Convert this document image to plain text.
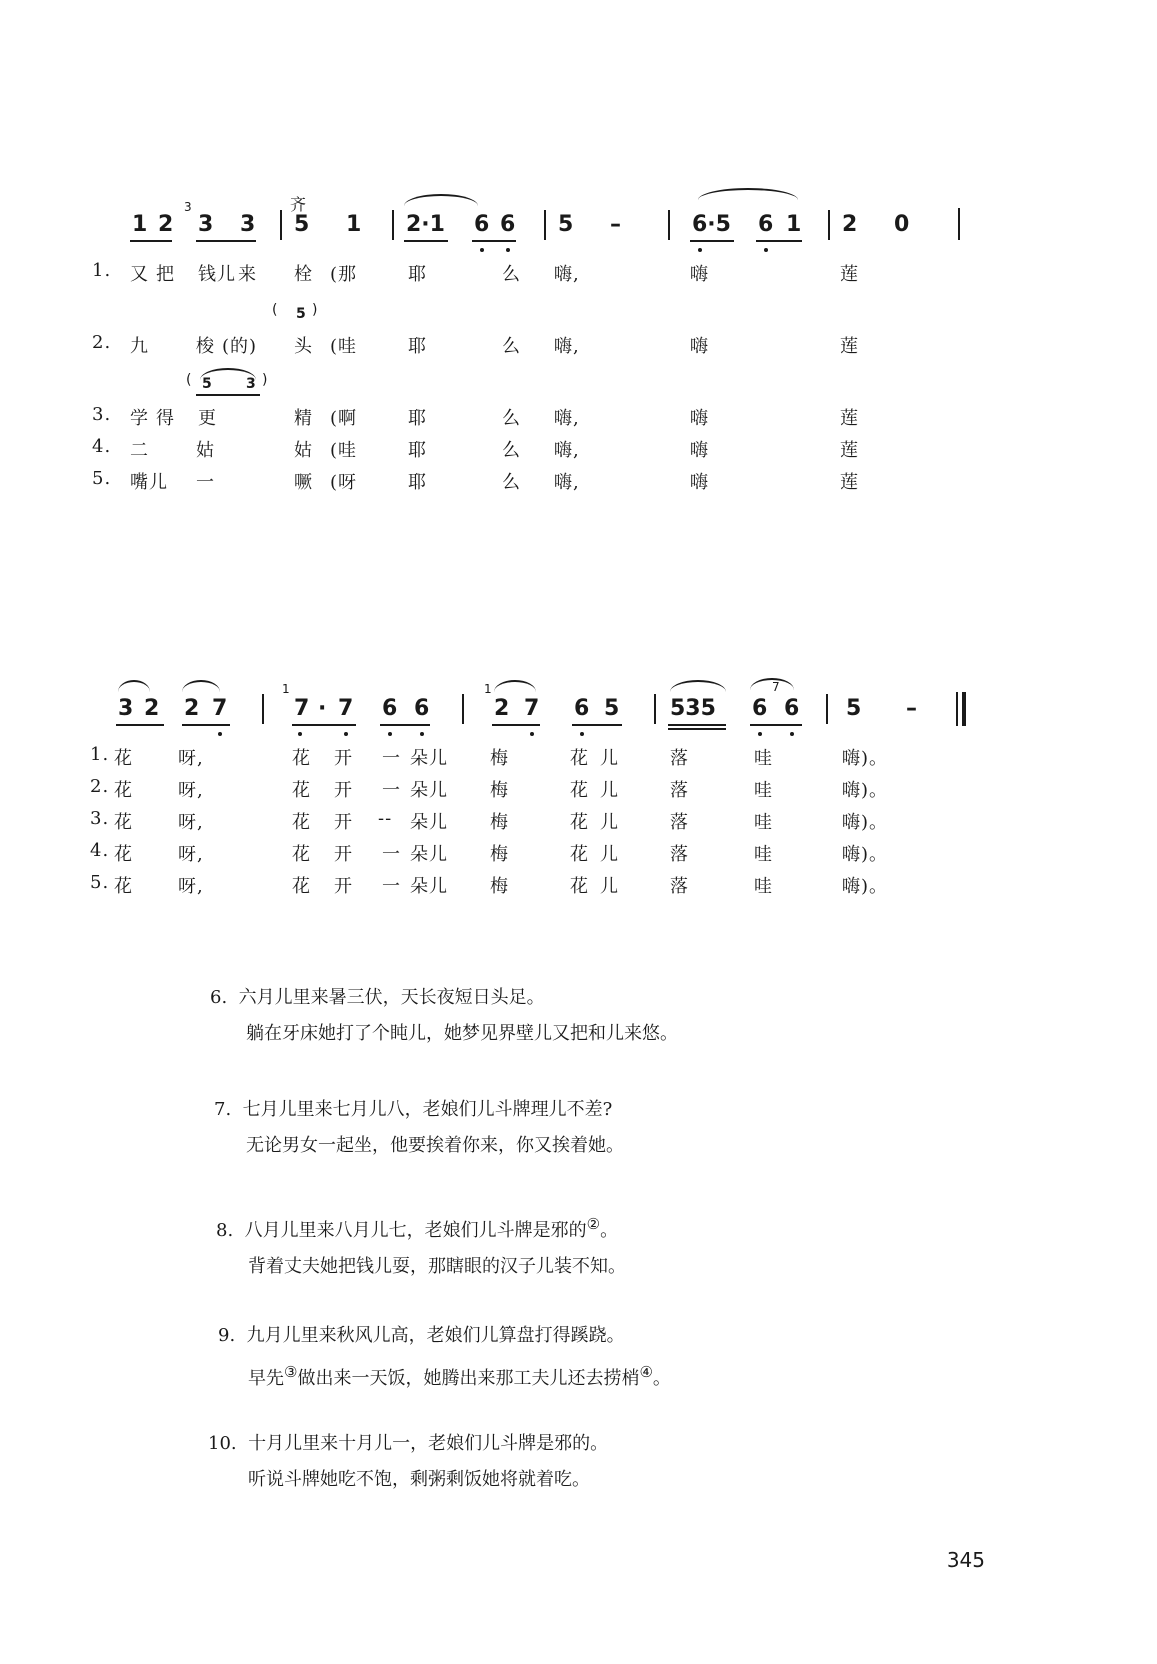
齐
3
1 2 3 3 5 1 2·1 6 6 5 –	6·5 6 1 2 0
1. 又 把 钱儿 来 栓 (那	耶	么 嗨,	嗨	莲
( 5 )
2. 九	梭 (的) 头 (哇	耶	么 嗨,	嗨	莲
( 5 3 )
3. 学 得 更	精 (啊	耶	么 嗨,	嗨	莲
4. 二	姑	姑 (哇	耶	么 嗨,	嗨	莲
5. 嘴儿 一	噘 (呀	耶	么 嗨,	嗨	莲
1	1	7
3 2 2 7	7 · 7 6 6	2 7 6 5 535 6 6 5 –
1. 花	呀,	花 开 一 朵儿 梅	花 儿	落	哇	嗨)。
2. 花	呀,	花 开 一 朵儿 梅	花 儿	落	哇	嗨)。
3. 花	呀,	花 开 -- 朵儿 梅	花 儿	落	哇	嗨)。
4. 花	呀,	花 开 一 朵儿 梅	花 儿	落	哇	嗨)。
5. 花	呀,	花 开 一 朵儿 梅	花 儿	落	哇	嗨)。
6. 六月儿里来暑三伏，天长夜短日头足。
躺在牙床她打了个盹儿，她梦见界壁儿又把和儿来悠。
7. 七月儿里来七月儿八，老娘们儿斗牌理儿不差?
无论男女一起坐，他要挨着你来，你又挨着她。
8. 八月儿里来八月儿七，老娘们儿斗牌是邪的②。
背着丈夫她把钱儿耍，那瞎眼的汉子儿装不知。
9. 九月儿里来秋风儿高，老娘们儿算盘打得蹊跷。
早先③做出来一天饭，她腾出来那工夫儿还去捞梢④。
10. 十月儿里来十月儿一，老娘们儿斗牌是邪的。
听说斗牌她吃不饱，剩粥剩饭她将就着吃。
345
